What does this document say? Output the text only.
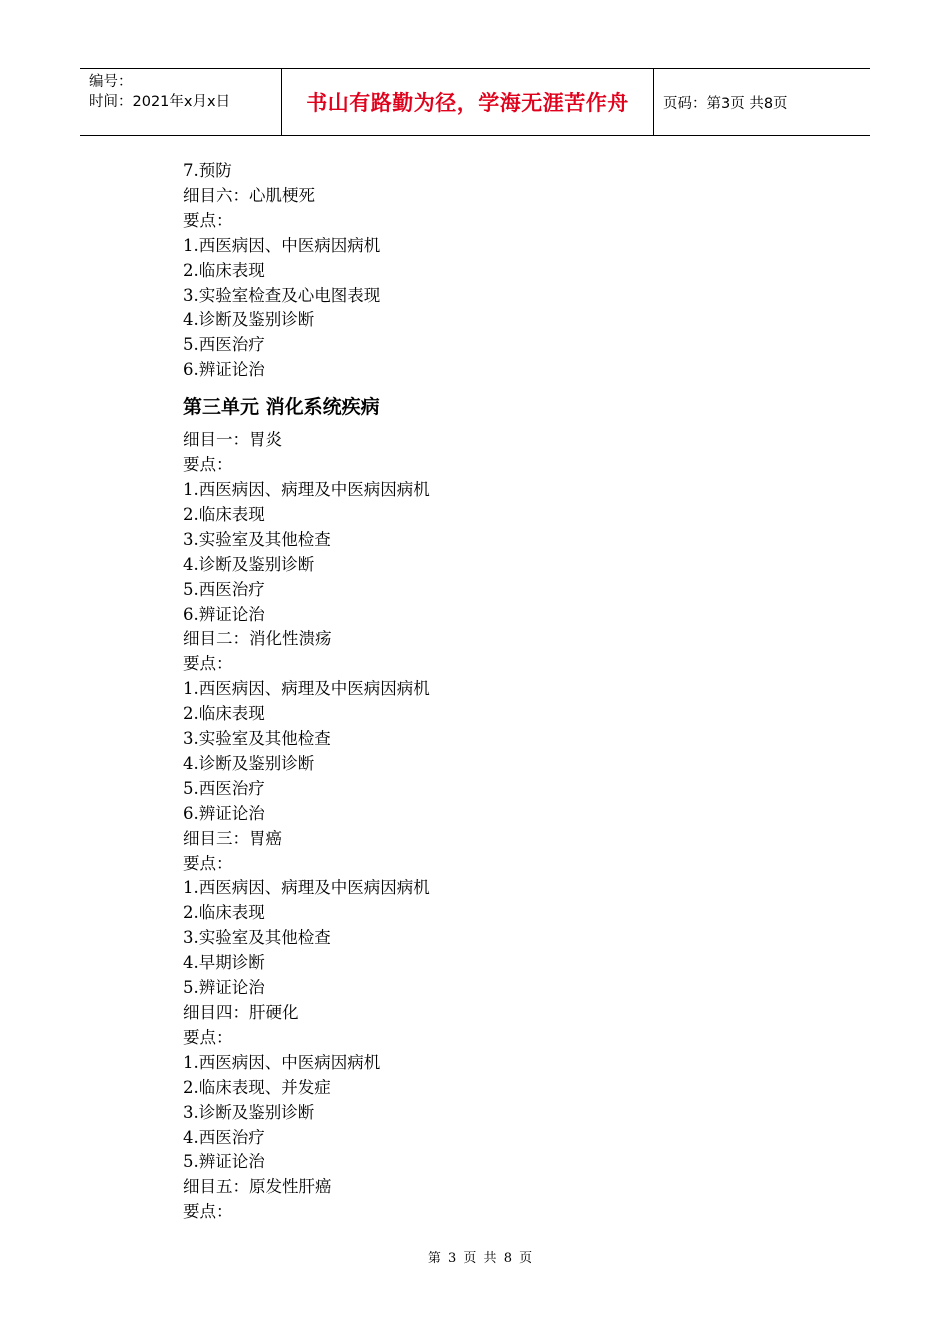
编号：
时间：2021年x月x日	书山有路勤为径，学海无涯苦作舟	页码：第3页 共8页
7.预防
细目六：心肌梗死
要点：
1.西医病因、中医病因病机
2.临床表现
3.实验室检查及心电图表现
4.诊断及鉴别诊断
5.西医治疗
6.辨证论治
第三单元 消化系统疾病
细目一：胃炎
要点：
1.西医病因、病理及中医病因病机
2.临床表现
3.实验室及其他检查
4.诊断及鉴别诊断
5.西医治疗
6.辨证论治
细目二：消化性溃疡
要点：
1.西医病因、病理及中医病因病机
2.临床表现
3.实验室及其他检查
4.诊断及鉴别诊断
5.西医治疗
6.辨证论治
细目三：胃癌
要点：
1.西医病因、病理及中医病因病机
2.临床表现
3.实验室及其他检查
4.早期诊断
5.辨证论治
细目四：肝硬化
要点：
1.西医病因、中医病因病机
2.临床表现、并发症
3.诊断及鉴别诊断
4.西医治疗
5.辨证论治
细目五：原发性肝癌
要点：
第 3 页 共 8 页
